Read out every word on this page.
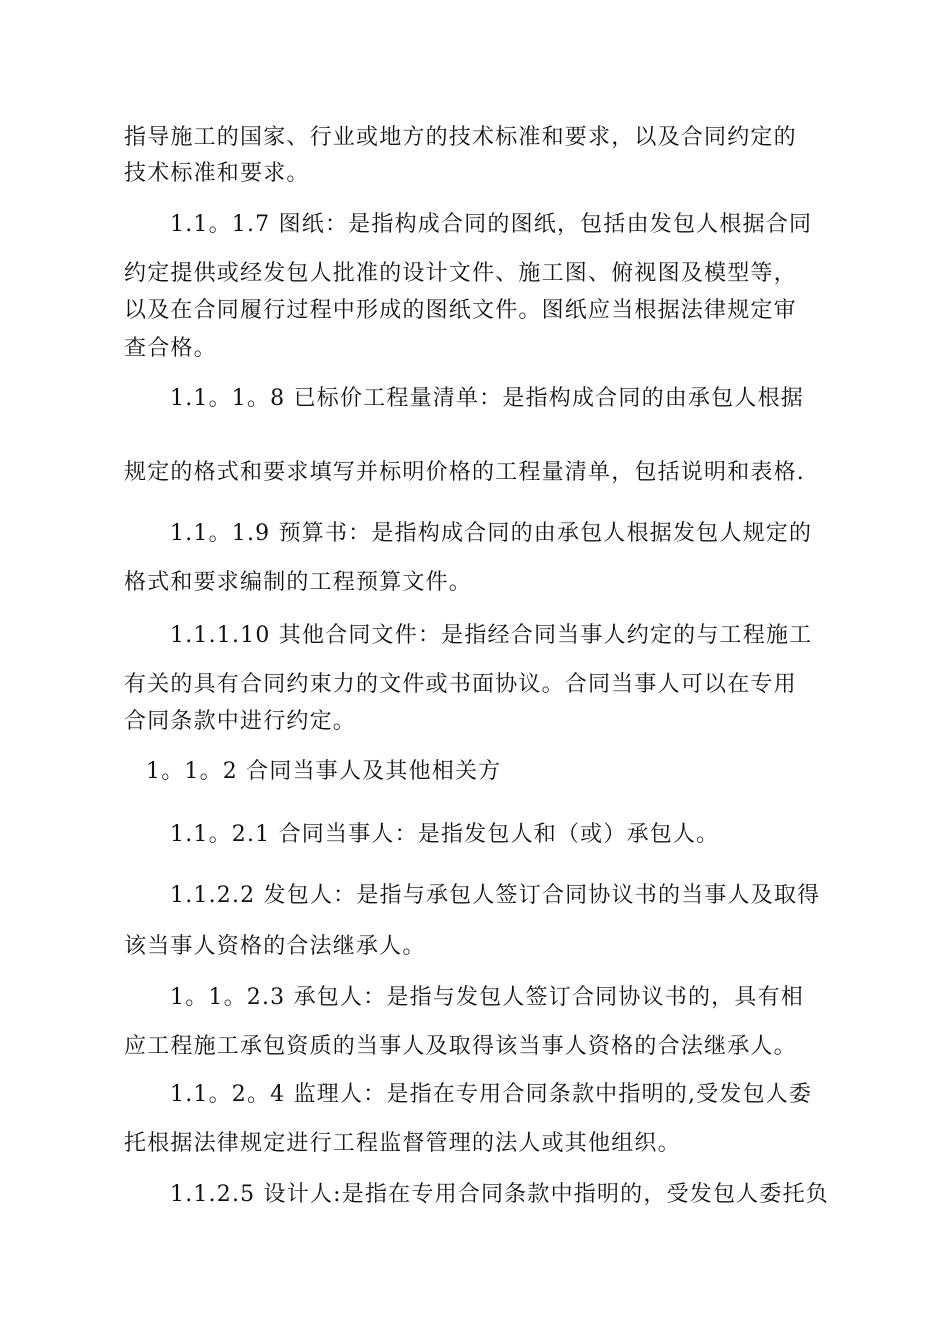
指导施工的国家、行业或地方的技术标准和要求，以及合同约定的
技术标准和要求。
1.1。1.7 图纸：是指构成合同的图纸，包括由发包人根据合同
约定提供或经发包人批准的设计文件、施工图、俯视图及模型等，
以及在合同履行过程中形成的图纸文件。图纸应当根据法律规定审
查合格。
1.1。1。8 已标价工程量清单：是指构成合同的由承包人根据
规定的格式和要求填写并标明价格的工程量清单，包括说明和表格.
1.1。1.9 预算书：是指构成合同的由承包人根据发包人规定的
格式和要求编制的工程预算文件。
1.1.1.10 其他合同文件：是指经合同当事人约定的与工程施工
有关的具有合同约束力的文件或书面协议。合同当事人可以在专用
合同条款中进行约定。
1。1。2 合同当事人及其他相关方
1.1。2.1 合同当事人：是指发包人和（或）承包人。
1.1.2.2 发包人：是指与承包人签订合同协议书的当事人及取得
该当事人资格的合法继承人。
1。1。2.3 承包人：是指与发包人签订合同协议书的，具有相
应工程施工承包资质的当事人及取得该当事人资格的合法继承人。
1.1。2。4 监理人：是指在专用合同条款中指明的,受发包人委
托根据法律规定进行工程监督管理的法人或其他组织。
1.1.2.5 设计人:是指在专用合同条款中指明的，受发包人委托负
